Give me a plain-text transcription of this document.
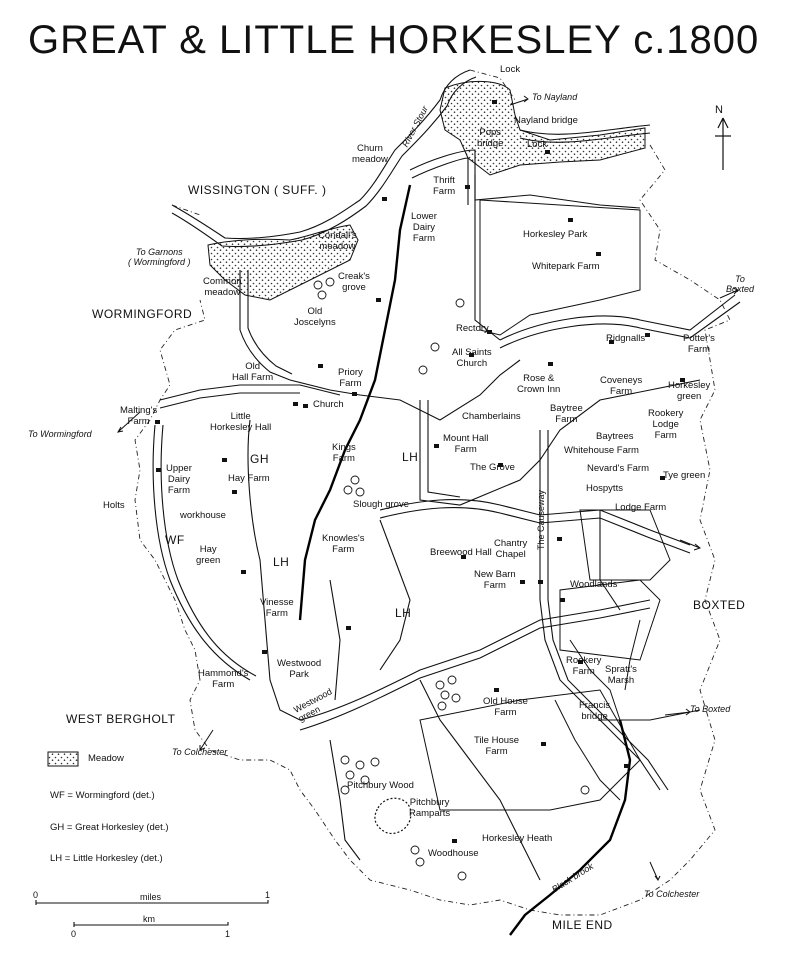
GREAT & LITTLE HORKESLEY c.1800
N
WISSINGTON ( SUFF. )
WORMINGFORD
WEST BERGHOLT
BOXTED
MILE END
WF
GH	LH
LH
LH
To Nayland
To
Boxted
To Garnons
( Wormingford )
To Wormingford
To Colchester
To Boxted
To Colchester
River Stour
The Causeway
Westwood
green
Black brook
Lock
Nayland bridge
Pops
bridge Lock
Churn
meadow
Thrift
Farm
Lower
Dairy
Farm
Condall's
meadow
Horkesley Park
Whitepark Farm
Common
meadow
Creak's
grove
Old
Joscelyns
Rectory
All Saints
Church
Ridgnalls	Potter's
Farm
Old
Hall Farm	Priory
Farm
Church
Rose &
Crown Inn
Coveneys
Farm
Horkesley
green
Malting's
Farm	Little
Horkesley Hall
Chamberlains
Baytree
Farm
Rookery
Lodge
Farm
Kings
Farm
Mount Hall
Farm
Baytrees
Whitehouse Farm
Upper
Dairy
Farm
Hay Farm
The Grove	Nevard's Farm
Tye green
Hospytts
Slough grove
Holts
workhouse
Lodge Farm
Knowles's
Farm	Breewood Hall
Chantry
Chapel
Hay
green
New Barn
Farm	Woodlands
Vinesse
Farm
Westwood
Park
Hammond's
Farm
Rookery
Farm	Spratt's
Marsh
Old House
Farm
Francis
bridge
Tile House
Farm
Pitchbury Wood
Pitchbury
Ramparts
Horkesley Heath
Woodhouse
Meadow
WF = Wormingford (det.)
GH = Great Horkesley (det.)
LH = Little Horkesley (det.)
0	miles	1
0
km
1
